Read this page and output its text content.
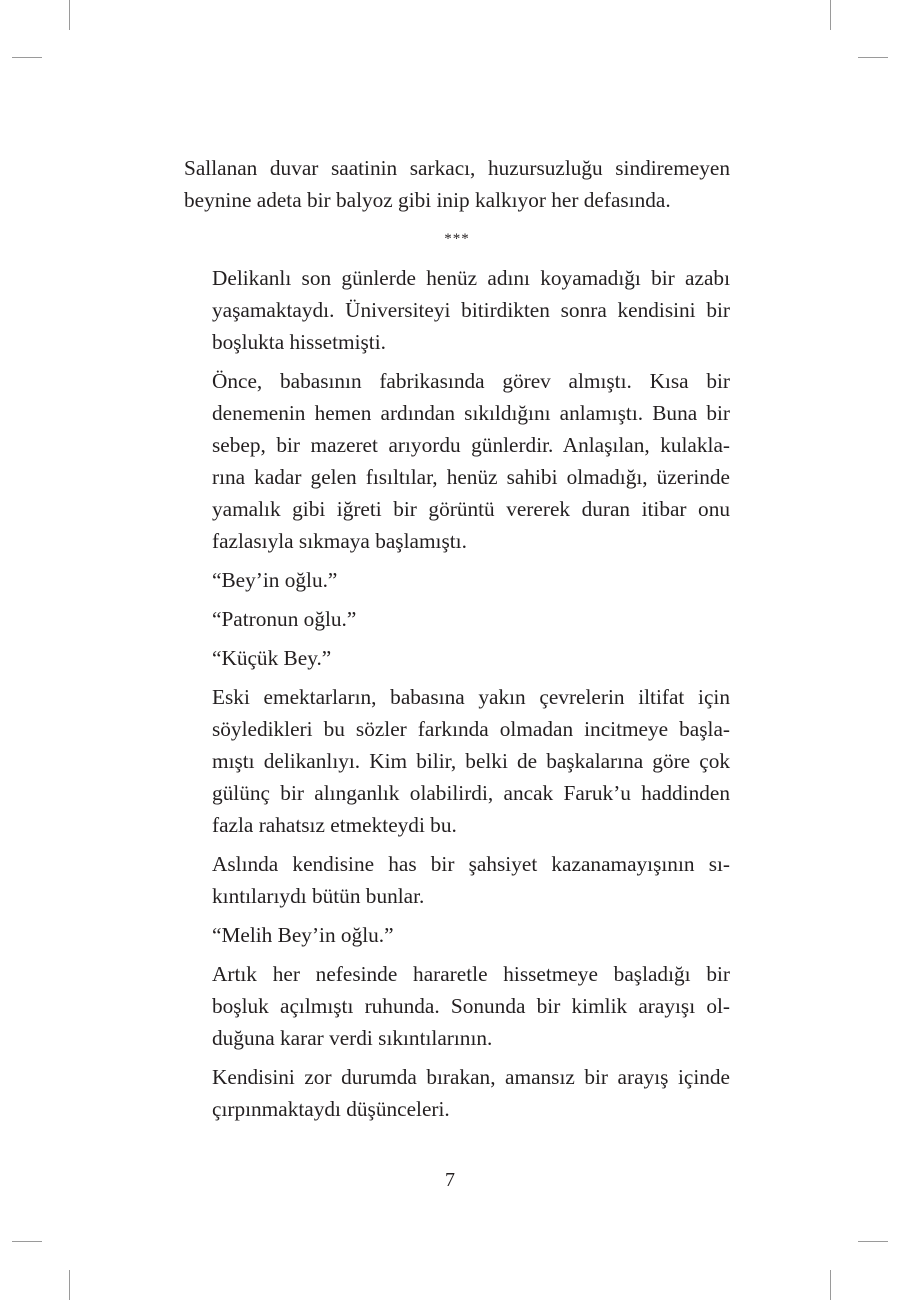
Sallanan duvar saatinin sarkacı, huzursuzluğu sindiremeyen
beynine adeta bir balyoz gibi inip kalkıyor her defasında.

***

Delikanlı son günlerde henüz adını koyamadığı bir azabı
yaşamaktaydı. Üniversiteyi bitirdikten sonra kendisini bir
boşlukta hissetmişti.

Önce, babasının fabrikasında görev almıştı. Kısa bir
denemenin hemen ardından sıkıldığını anlamıştı. Buna bir
sebep, bir mazeret arıyordu günlerdir. Anlaşılan, kulakla-
rına kadar gelen fısıltılar, henüz sahibi olmadığı, üzerinde
yamalık gibi iğreti bir görüntü vererek duran itibar onu
fazlasıyla sıkmaya başlamıştı.

“Bey’in oğlu.”

“Patronun oğlu.”

“Küçük Bey.”

Eski emektarların, babasına yakın çevrelerin iltifat için
söyledikleri bu sözler farkında olmadan incitmeye başla-
mıştı delikanlıyı. Kim bilir, belki de başkalarına göre çok
gülünç bir alınganlık olabilirdi, ancak Faruk’u haddinden
fazla rahatsız etmekteydi bu.

Aslında kendisine has bir şahsiyet kazanamayışının sı-
kıntılarıydı bütün bunlar.

“Melih Bey’in oğlu.”

Artık her nefesinde hararetle hissetmeye başladığı bir
boşluk açılmıştı ruhunda. Sonunda bir kimlik arayışı ol-
duğuna karar verdi sıkıntılarının.

Kendisini zor durumda bırakan, amansız bir arayış içinde
çırpınmaktaydı düşünceleri.

7
